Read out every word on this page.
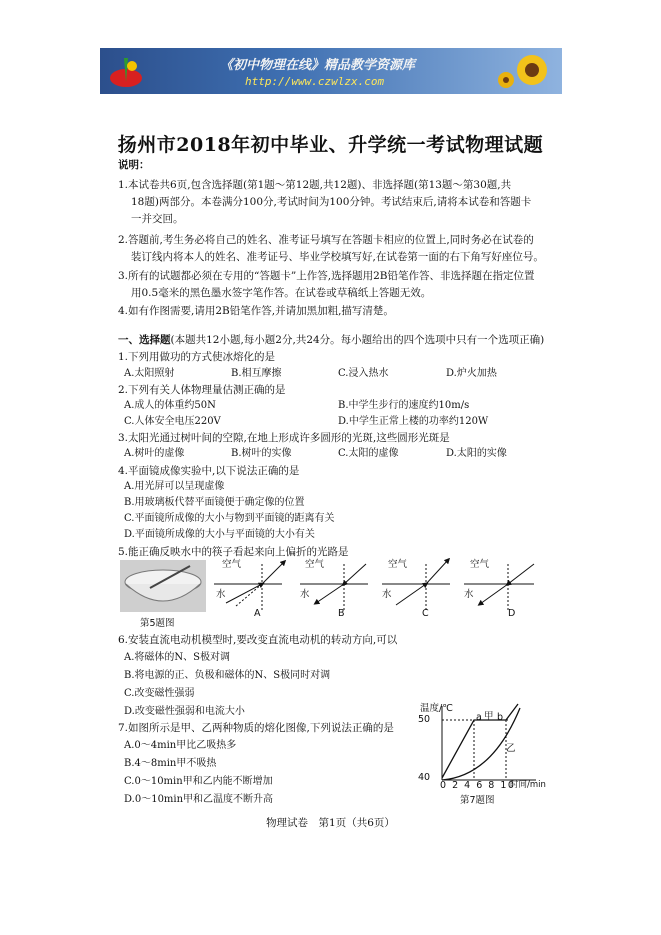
《初中物理在线》精品教学资源库
http://www.czwlzx.com
扬州市2018年初中毕业、升学统一考试物理试题
说明：
1.本试卷共6页,包含选择题(第1题～第12题,共12题)、非选择题(第13题～第30题,共
18题)两部分。本卷满分100分,考试时间为100分钟。考试结束后,请将本试卷和答题卡
一并交回。
2.答题前,考生务必将自己的姓名、准考证号填写在答题卡相应的位置上,同时务必在试卷的
装订线内将本人的姓名、准考证号、毕业学校填写好,在试卷第一面的右下角写好座位号。
3.所有的试题都必须在专用的“答题卡”上作答,选择题用2B铅笔作答、非选择题在指定位置
用0.5毫米的黑色墨水签字笔作答。在试卷或草稿纸上答题无效。
4.如有作图需要,请用2B铅笔作答,并请加黑加粗,描写清楚。
一、选择题(本题共12小题,每小题2分,共24分。每小题给出的四个选项中只有一个选项正确)
1.下列用做功的方式使冰熔化的是
A.太阳照射	B.相互摩擦	C.浸入热水	D.炉火加热
2.下列有关人体物理量估测正确的是
A.成人的体重约50N	B.中学生步行的速度约10m/s
C.人体安全电压220V	D.中学生正常上楼的功率约120W
3.太阳光通过树叶间的空隙,在地上形成许多圆形的光斑,这些圆形光斑是
A.树叶的虚像	B.树叶的实像	C.太阳的虚像	D.太阳的实像
4.平面镜成像实验中,以下说法正确的是
A.用光屏可以呈现虚像
B.用玻璃板代替平面镜便于确定像的位置
C.平面镜所成像的大小与物到平面镜的距离有关
D.平面镜所成像的大小与平面镜的大小有关
5.能正确反映水中的筷子看起来向上偏折的光路是
第5题图
空气	空气	空气	空气
水	水	水	水
A	B	C	D
6.安装直流电动机模型时,要改变直流电动机的转动方向,可以
A.将磁体的N、S极对调
B.将电源的正、负极和磁体的N、S极同时对调
C.改变磁性强弱
D.改变磁性强弱和电流大小
7.如图所示是甲、乙两种物质的熔化图像,下列说法正确的是
A.0～4min甲比乙吸热多
B.4～8min甲不吸热
C.0～10min甲和乙内能不断增加
D.0～10min甲和乙温度不断升高
温度/℃
50
40
0 2 4 6 8 10
时间/min
a 甲 b
乙
第7题图
物理试卷　第1页（共6页）
